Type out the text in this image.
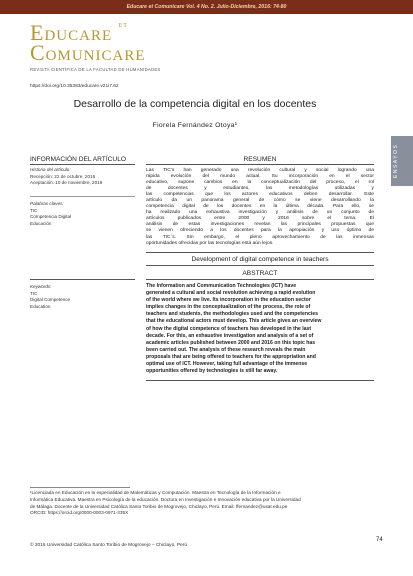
Educare et Comunicare Vol. 4 No. 2. Julio-Diciembre, 2016: 74-80
Educare $^{et}$
Comunicare
REVISTA CIENTÍFICA DE LA FACULTAD DE HUMANIDADES
https://doi.org/10.35383/educare.v21i7.62
Desarrollo de la competencia digital en los docentes
Fiorela Fernández Otoya¹
ENSAYOS
INFORMACIÓN DEL ARTÍCULO	RESUMEN
Historia del artículo:
Recepción: 22 de octubre, 2016
Aceptación: 10 de noviembre, 2016
Palabras claves:
TIC
Competencia Digital
Educación
Las TIC’s han generado una revolución cultural y social logrando una
rápida evolución del mundo actual. Su incorporación en el sector
educativo, supone cambios en la conceptualización del proceso, el rol
de docentes y estudiantes, las metodologías utilizadas y
las competencias que los actores educativos deben desarrollar. Este
artículo da un panorama general de cómo se viene desarrollando la
competencia digital de los docentes en la última década. Para ello, se
ha realizado una exhaustiva investigación y análisis de un conjunto de
artículos publicados entre 2000 y 2016 sobre el tema. El
análisis de estas investigaciones revelan las principales propuestas que
se vienen ofreciendo a los docentes para la apropiación y uso óptimo de
las TIC´s. Sin embargo, el pleno aprovechamiento de las inmensas
oportunidades ofrecidas por las tecnologías está aún lejos.
Development of digital competence in teachers
ABSTRACT
Keywords:
TIC
Digital Competence
Education
The Information and Communication Technologies (ICT) have
generated a cultural and social revolution achieving a rapid evolution
of the world where we live. Its incorporation in the education sector
implies changes in the conceptualization of the process, the role of
teachers and students, the methodologies used and the competencies
that the educational actors must develop. This article gives an overview
of how the digital competence of teachers has developed in the last
decade. For this, an exhaustive investigation and analysis of a set of
academic articles published between 2000 and 2016 on this topic has
been carried out. The analysis of these research reveals the main
proposals that are being offered to teachers for the appropriation and
optimal use of ICT. However, taking full advantage of the immense
opportunities offered by technologies is still far away.
¹Licenciada en Educación en la especialidad de Matemáticas y Computación. Maestra en Tecnología de la Información e
Informática Educativa. Maestra en Psicología de la educación. Doctora en Investigación e Innovación educativa por la Universidad
de Málaga. Docente de la Universidad Católica Santo Toribio de Mogrovejo, Chiclayo, Perú. Email: ffernandez@usat.edu.pe
ORCID: https://orcid.org/0000-0003-0971-335X
© 2016 Universidad Católica Santo Toribio de Mogrovejo – Chiclayo, Perú
74
